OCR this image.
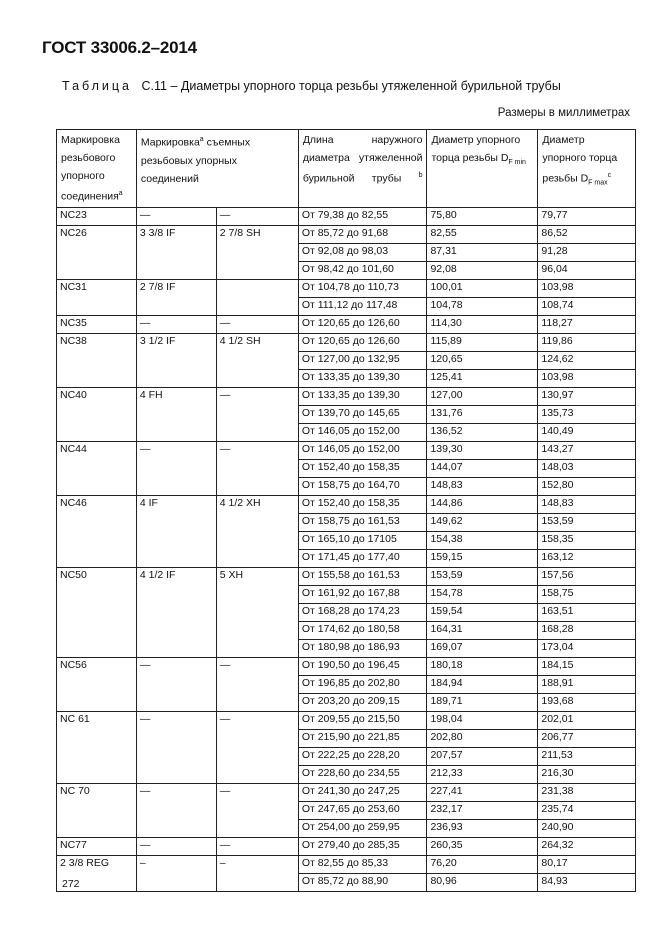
ГОСТ 33006.2–2014
Таблица С.11 – Диаметры упорного торца резьбы утяжеленной бурильной трубы
Размеры в миллиметрах
Маркировка резьбового упорного соединения$^a$	Маркировка$^a$ съемных резьбовых упорных соединений		Длина наружного диаметра утяжеленной бурильной трубы $^b$	Диаметр упорного торца резьбы $D_{F min}$	Диаметр упорного торца резьбы $D_{F max}^c$
NC23	—	—	От 79,38 до 82,55	75,80	79,77
NC26	3 3/8 IF	2 7/8 SH	От 85,72 до 91,68	82,55	86,52
			От 92,08 до 98,03	87,31	91,28
			От 98,42 до 101,60	92,08	96,04
NC31	2 7/8 IF		От 104,78 до 110,73	100,01	103,98
			От 111,12 до 117,48	104,78	108,74
NC35	—	—	От 120,65 до 126,60	114,30	118,27
NC38	3 1/2 IF	4 1/2 SH	От 120,65 до 126,60	115,89	119,86
			От 127,00 до 132,95	120,65	124,62
			От 133,35 до 139,30	125,41	103,98
NC40	4 FH	—	От 133,35 до 139,30	127,00	130,97
			От 139,70 до 145,65	131,76	135,73
			От 146,05 до 152,00	136,52	140,49
NC44	—	—	От 146,05 до 152,00	139,30	143,27
			От 152,40 до 158,35	144,07	148,03
			От 158,75 до 164,70	148,83	152,80
NC46	4 IF	4 1/2 XH	От 152,40 до 158,35	144,86	148,83
			От 158,75 до 161,53	149,62	153,59
			От 165,10 до 17105	154,38	158,35
			От 171,45 до 177,40	159,15	163,12
NC50	4 1/2 IF	5 XH	От 155,58 до 161,53	153,59	157,56
			От 161,92 до 167,88	154,78	158,75
			От 168,28 до 174,23	159,54	163,51
			От 174,62 до 180,58	164,31	168,28
			От 180,98 до 186,93	169,07	173,04
NC56	—	—	От 190,50 до 196,45	180,18	184,15
			От 196,85 до 202,80	184,94	188,91
			От 203,20 до 209,15	189,71	193,68
NC 61	—	—	От 209,55 до 215,50	198,04	202,01
			От 215,90 до 221,85	202,80	206,77
			От 222,25 до 228,20	207,57	211,53
			От 228,60 до 234,55	212,33	216,30
NC 70	—	—	От 241,30 до 247,25	227,41	231,38
			От 247,65 до 253,60	232,17	235,74
			От 254,00 до 259,95	236,93	240,90
NC77	—	—	От 279,40 до 285,35	260,35	264,32
2 3/8 REG	–	–	От 82,55 до 85,33	76,20	80,17
			От 85,72 до 88,90	80,96	84,93
272
